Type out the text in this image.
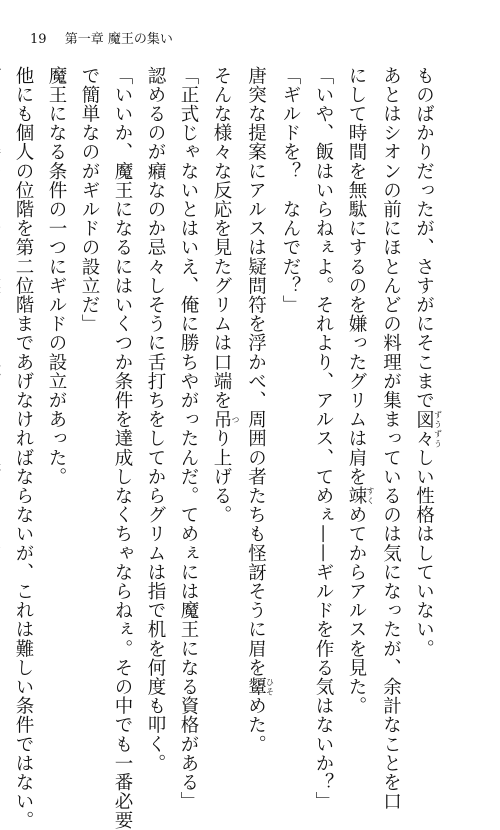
19 第一章 魔王の集い
ものばかりだったが、さすがにそこまで図々 ずうずうしい性格はしていない。
あとはシオンの前にほとんどの料理が集まっているのは気になったが、余計なことを口
にして時間を無駄にするのを嫌ったグリムは肩を竦 すくめてからアルスを見た。
「いや、飯はいらねぇよ。それより、アルス、てめぇ——ギルドを作る気はないか？」
「ギルドを？　なんでだ？」
唐突な提案にアルスは疑問符を浮かべ、周囲の者たちも怪訝そうに眉を顰 ひそめた。
そんな様々な反応を見たグリムは口端を吊 つり上げる。
「正式じゃないとはいえ、俺に勝ちやがったんだ。てめぇには魔王になる資格がある」
認めるのが癪なのか忌々しそうに舌打ちをしてからグリムは指で机を何度も叩く。
「いいか、魔王になるにはいくつか条件を達成しなくちゃならねぇ。その中でも一番必要
で簡単なのがギルドの設立だ」
魔王になる条件の一つにギルドの設立があった。
他にも個人の位階を第二位階まであげなければならないが、これは難しい条件ではない。
